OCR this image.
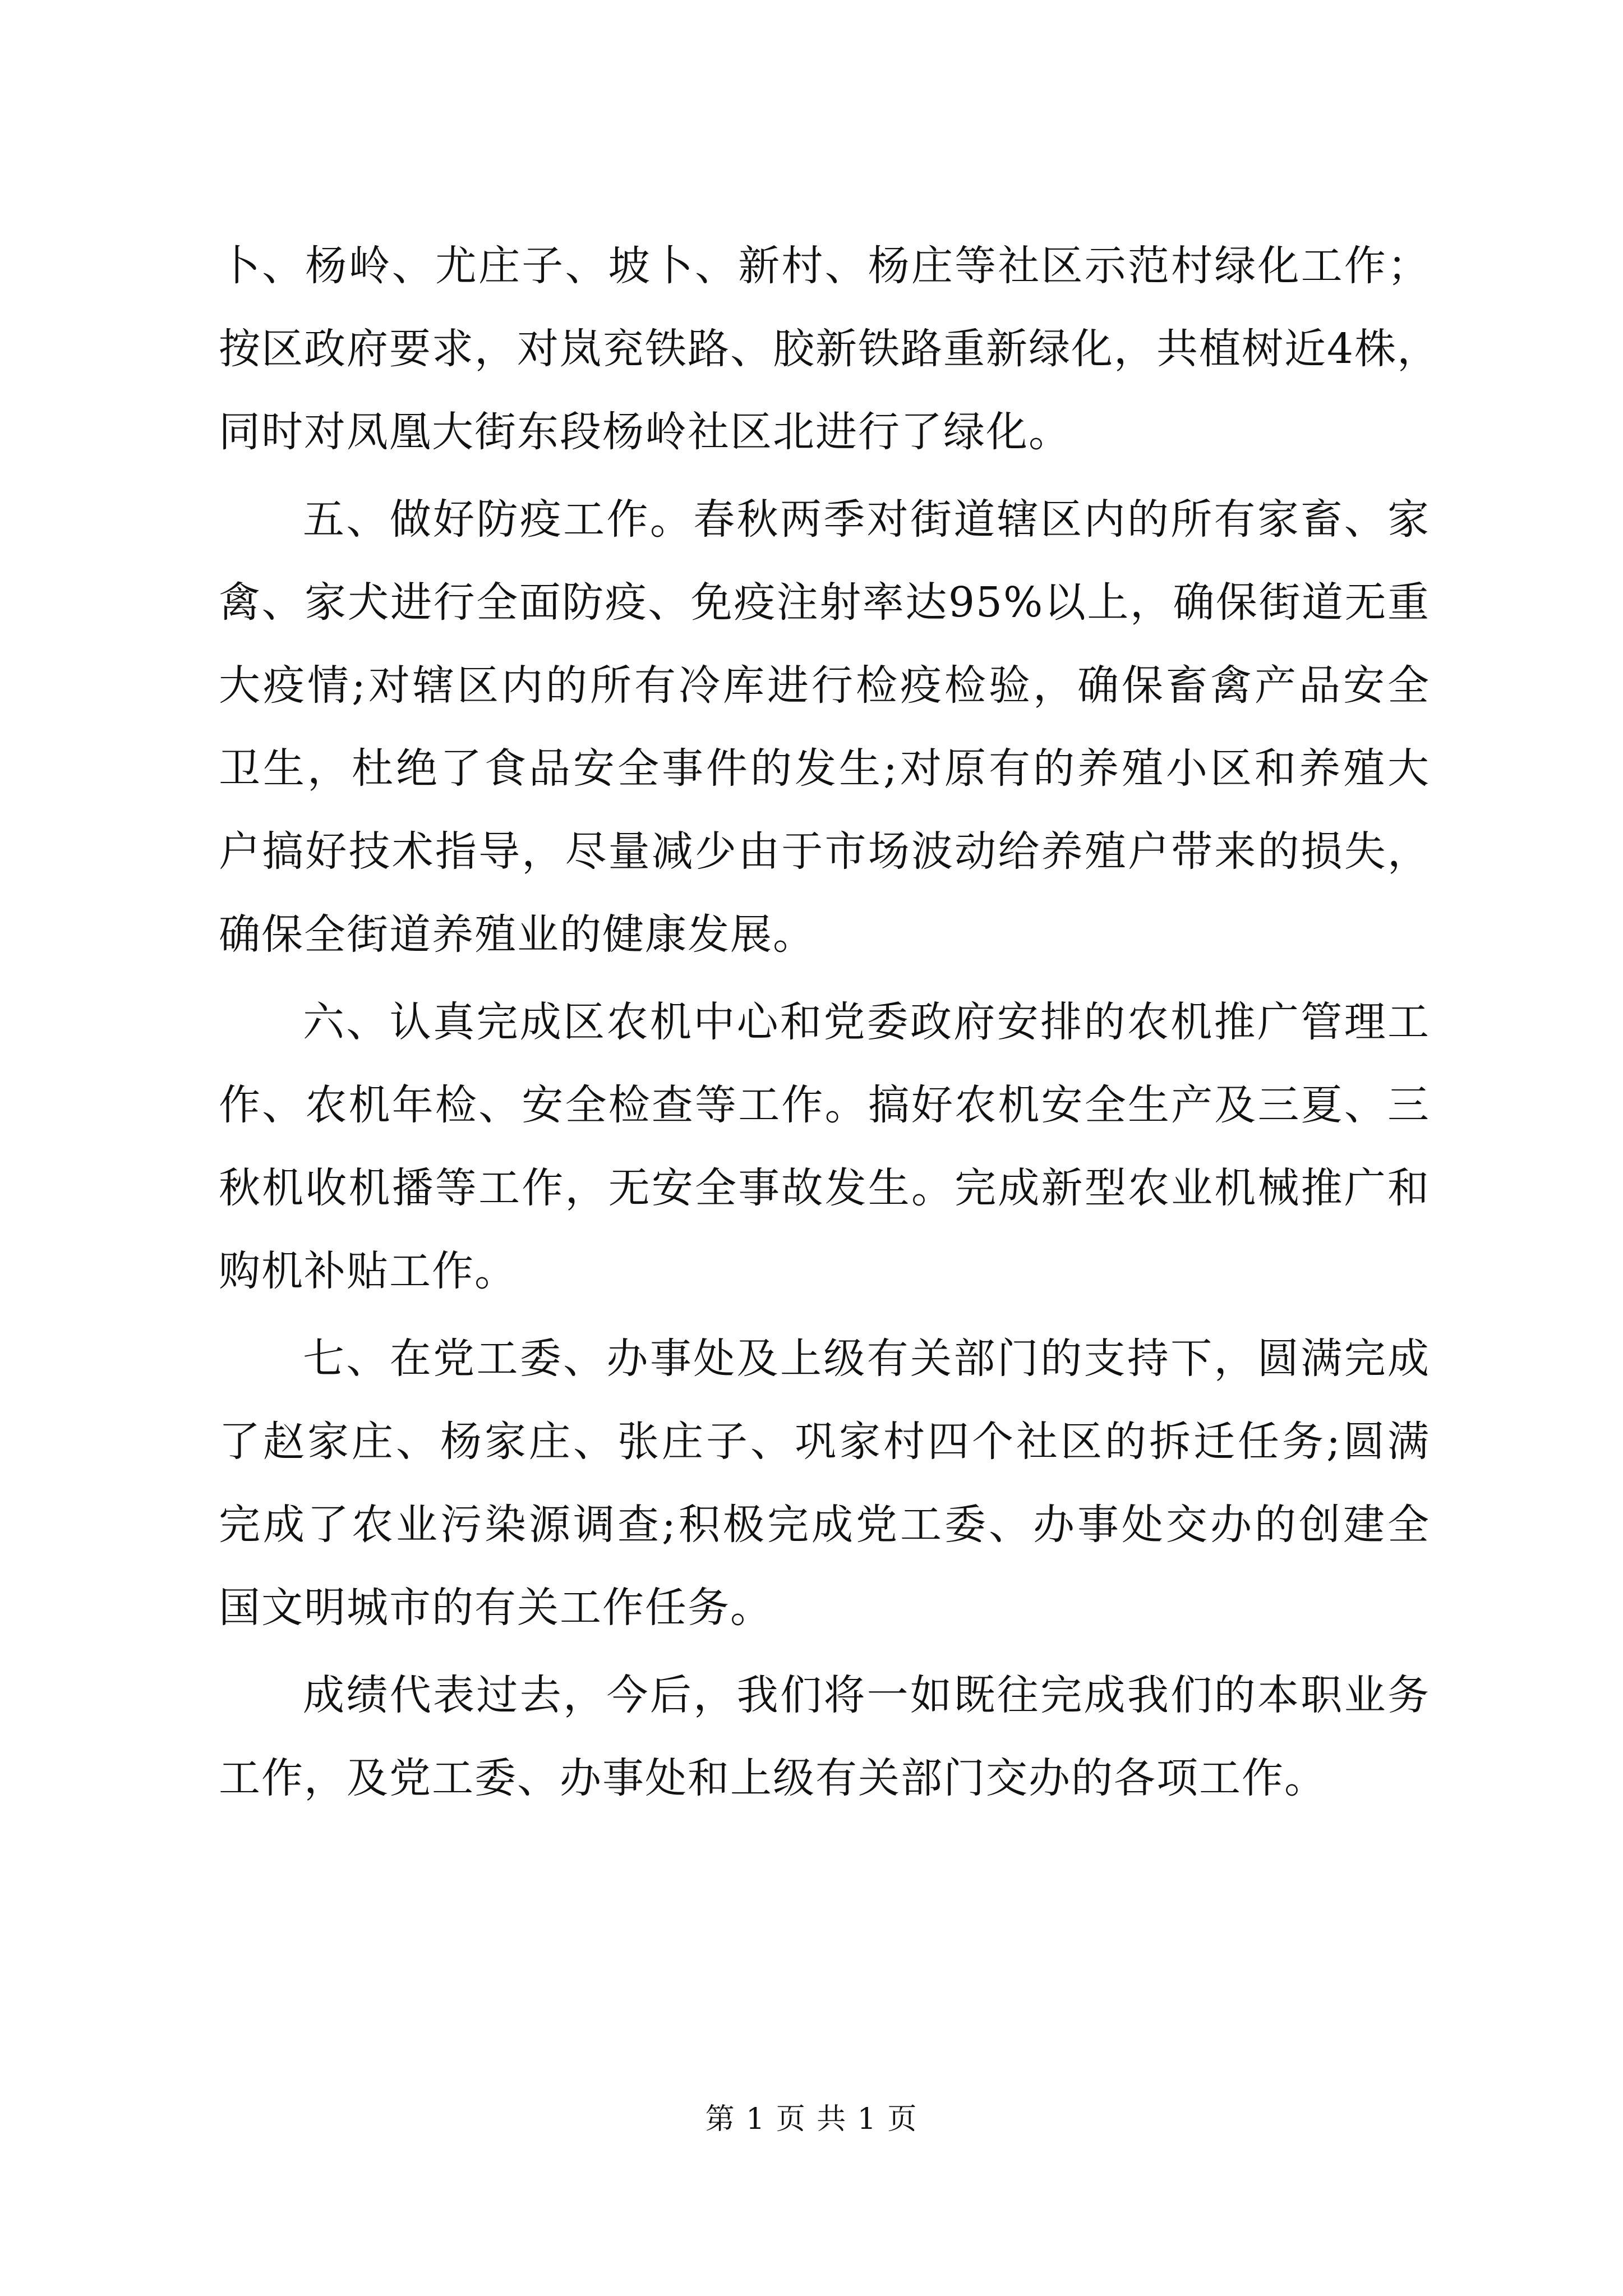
卜、杨岭、尤庄子、坡卜、新村、杨庄等社区示范村绿化工作；
按区政府要求，对岚兖铁路、胶新铁路重新绿化，共植树近4株，
同时对凤凰大街东段杨岭社区北进行了绿化。
五、做好防疫工作。春秋两季对街道辖区内的所有家畜、家
禽、家犬进行全面防疫、免疫注射率达95%以上，确保街道无重
大疫情;对辖区内的所有冷库进行检疫检验，确保畜禽产品安全
卫生，杜绝了食品安全事件的发生;对原有的养殖小区和养殖大
户搞好技术指导，尽量减少由于市场波动给养殖户带来的损失，
确保全街道养殖业的健康发展。
六、认真完成区农机中心和党委政府安排的农机推广管理工
作、农机年检、安全检查等工作。搞好农机安全生产及三夏、三
秋机收机播等工作，无安全事故发生。完成新型农业机械推广和
购机补贴工作。
七、在党工委、办事处及上级有关部门的支持下，圆满完成
了赵家庄、杨家庄、张庄子、巩家村四个社区的拆迁任务;圆满
完成了农业污染源调查;积极完成党工委、办事处交办的创建全
国文明城市的有关工作任务。
成绩代表过去，今后，我们将一如既往完成我们的本职业务
工作，及党工委、办事处和上级有关部门交办的各项工作。
第 1 页 共 1 页
